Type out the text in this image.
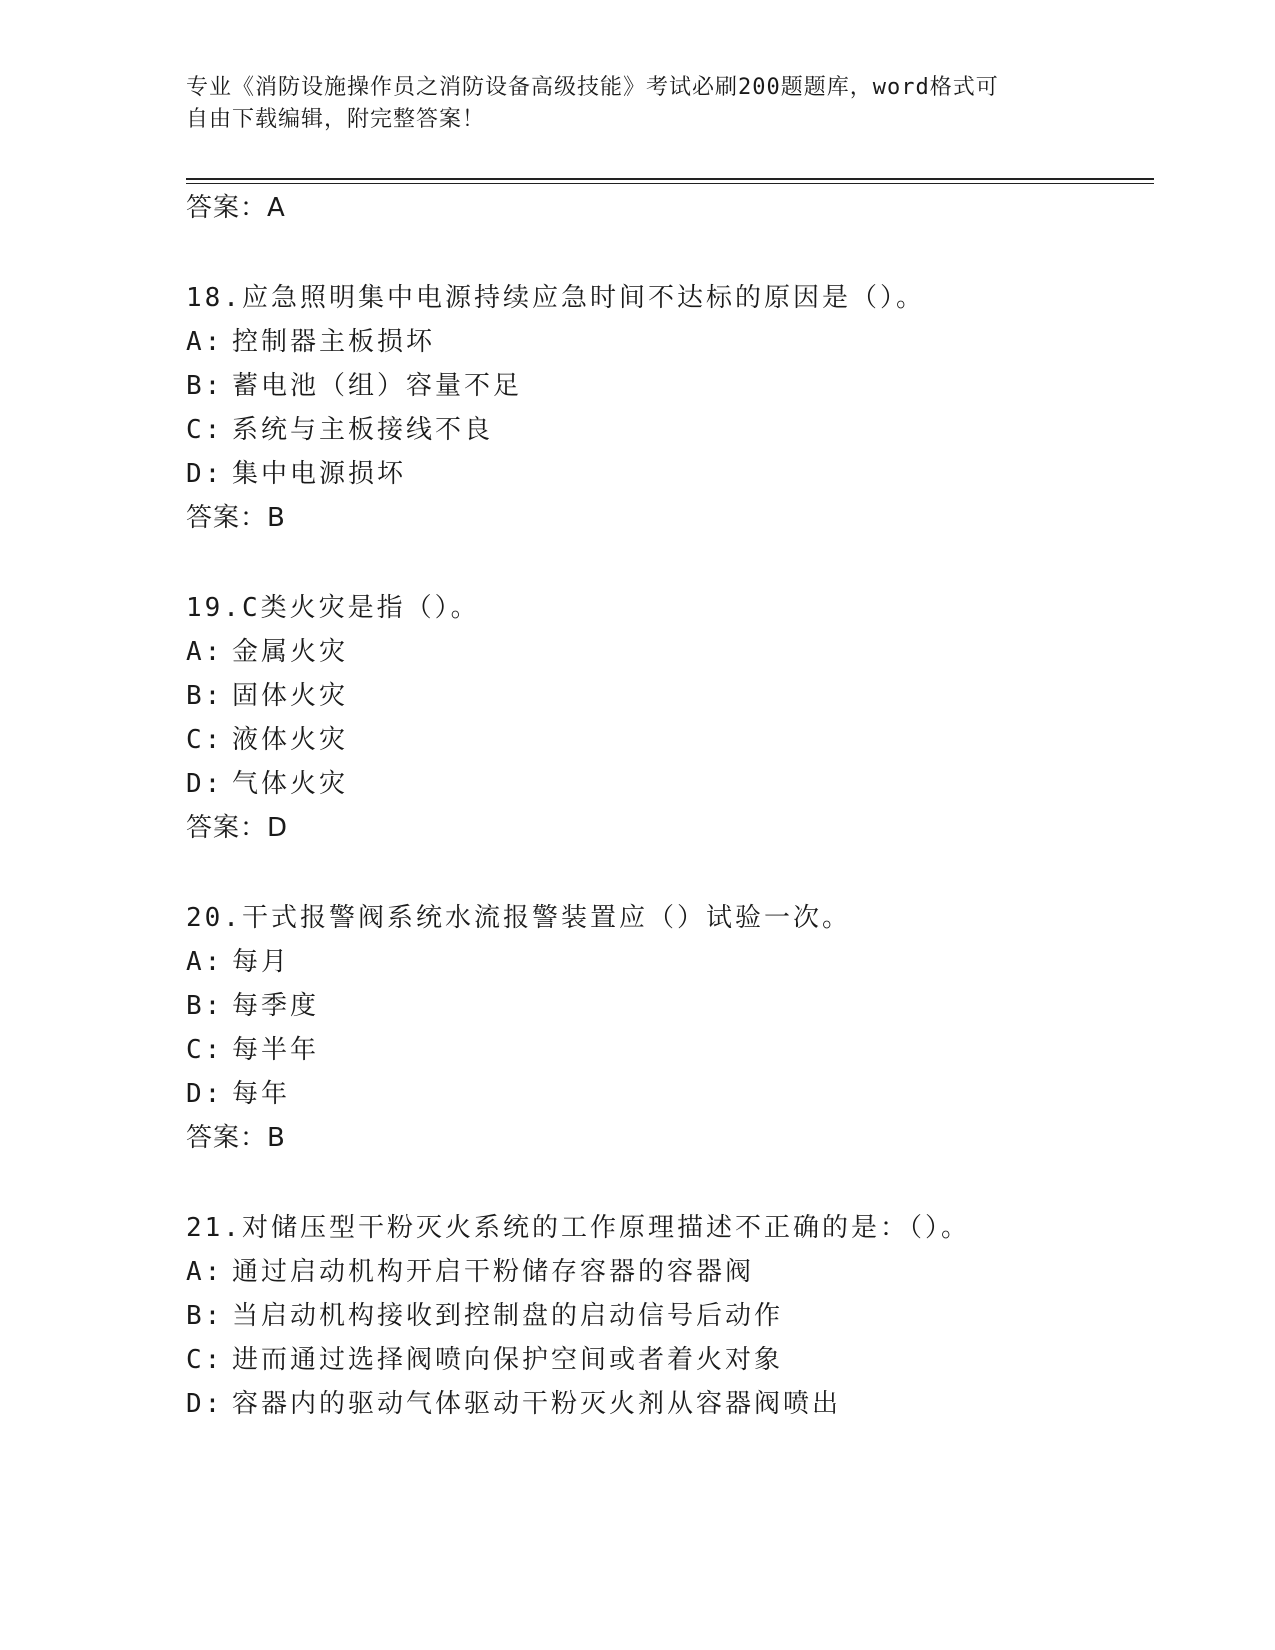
专业《消防设施操作员之消防设备高级技能》考试必刷200题题库，word格式可
自由下载编辑，附完整答案！
答案：A
18.应急照明集中电源持续应急时间不达标的原因是（）。
A: 控制器主板损坏
B: 蓄电池（组）容量不足
C: 系统与主板接线不良
D: 集中电源损坏
答案：B
19.C类火灾是指（）。
A: 金属火灾
B: 固体火灾
C: 液体火灾
D: 气体火灾
答案：D
20.干式报警阀系统水流报警装置应（）试验一次。
A: 每月
B: 每季度
C: 每半年
D: 每年
答案：B
21.对储压型干粉灭火系统的工作原理描述不正确的是：（）。
A: 通过启动机构开启干粉储存容器的容器阀
B: 当启动机构接收到控制盘的启动信号后动作
C: 进而通过选择阀喷向保护空间或者着火对象
D: 容器内的驱动气体驱动干粉灭火剂从容器阀喷出
